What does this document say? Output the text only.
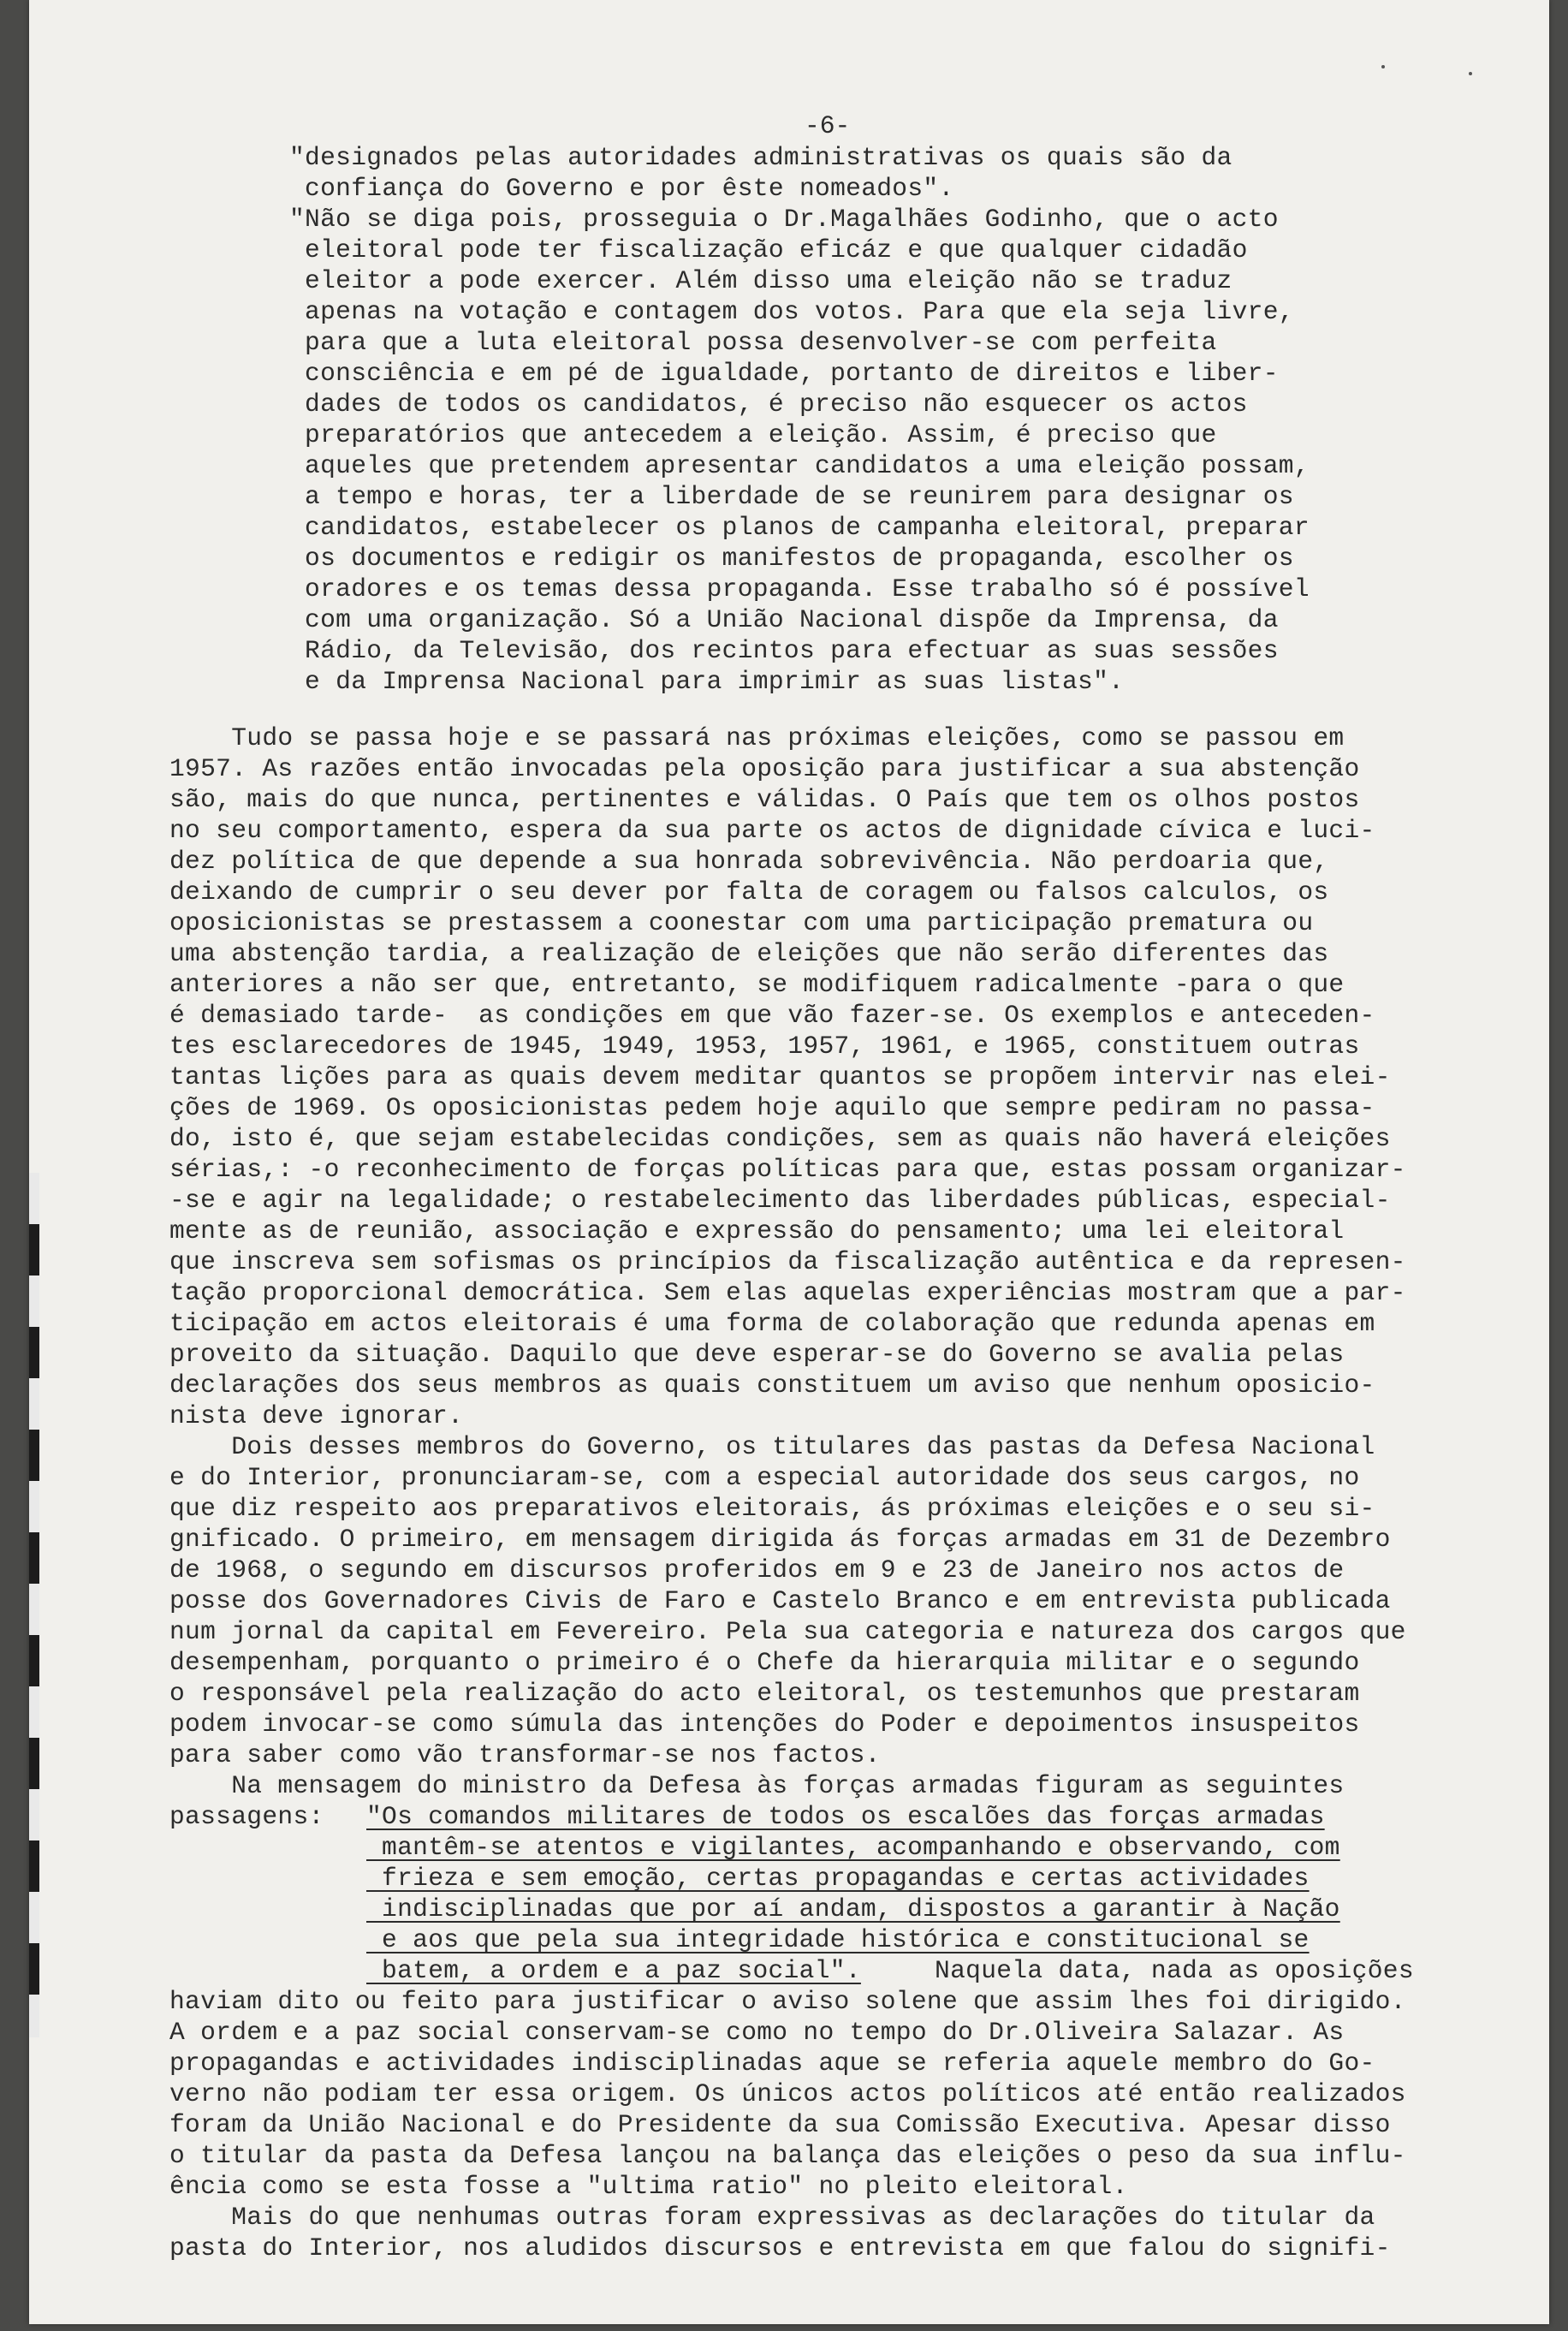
-6-
"designados pelas autoridades administrativas os quais são da
confiança do Governo e por êste nomeados".
"Não se diga pois, prosseguia o Dr.Magalhães Godinho, que o acto
eleitoral pode ter fiscalização eficáz e que qualquer cidadão
eleitor a pode exercer. Além disso uma eleição não se traduz
apenas na votação e contagem dos votos. Para que ela seja livre,
para que a luta eleitoral possa desenvolver-se com perfeita
consciência e em pé de igualdade, portanto de direitos e liber-
dades de todos os candidatos, é preciso não esquecer os actos
preparatórios que antecedem a eleição. Assim, é preciso que
aqueles que pretendem apresentar candidatos a uma eleição possam,
a tempo e horas, ter a liberdade de se reunirem para designar os
candidatos, estabelecer os planos de campanha eleitoral, preparar
os documentos e redigir os manifestos de propaganda, escolher os
oradores e os temas dessa propaganda. Esse trabalho só é possível
com uma organização. Só a União Nacional dispõe da Imprensa, da
Rádio, da Televisão, dos recintos para efectuar as suas sessões
e da Imprensa Nacional para imprimir as suas listas".
Tudo se passa hoje e se passará nas próximas eleições, como se passou em
1957. As razões então invocadas pela oposição para justificar a sua abstenção
são, mais do que nunca, pertinentes e válidas. O País que tem os olhos postos
no seu comportamento, espera da sua parte os actos de dignidade cívica e luci-
dez política de que depende a sua honrada sobrevivência. Não perdoaria que,
deixando de cumprir o seu dever por falta de coragem ou falsos calculos, os
oposicionistas se prestassem a coonestar com uma participação prematura ou
uma abstenção tardia, a realização de eleições que não serão diferentes das
anteriores a não ser que, entretanto, se modifiquem radicalmente -para o que
é demasiado tarde-  as condições em que vão fazer-se. Os exemplos e anteceden-
tes esclarecedores de 1945, 1949, 1953, 1957, 1961, e 1965, constituem outras
tantas lições para as quais devem meditar quantos se propõem intervir nas elei-
ções de 1969. Os oposicionistas pedem hoje aquilo que sempre pediram no passa-
do, isto é, que sejam estabelecidas condições, sem as quais não haverá eleições
sérias,: -o reconhecimento de forças políticas para que, estas possam organizar-
-se e agir na legalidade; o restabelecimento das liberdades públicas, especial-
mente as de reunião, associação e expressão do pensamento; uma lei eleitoral
que inscreva sem sofismas os princípios da fiscalização autêntica e da represen-
tação proporcional democrática. Sem elas aquelas experiências mostram que a par-
ticipação em actos eleitorais é uma forma de colaboração que redunda apenas em
proveito da situação. Daquilo que deve esperar-se do Governo se avalia pelas
declarações dos seus membros as quais constituem um aviso que nenhum oposicio-
nista deve ignorar.
Dois desses membros do Governo, os titulares das pastas da Defesa Nacional
e do Interior, pronunciaram-se, com a especial autoridade dos seus cargos, no
que diz respeito aos preparativos eleitorais, ás próximas eleições e o seu si-
gnificado. O primeiro, em mensagem dirigida ás forças armadas em 31 de Dezembro
de 1968, o segundo em discursos proferidos em 9 e 23 de Janeiro nos actos de
posse dos Governadores Civis de Faro e Castelo Branco e em entrevista publicada
num jornal da capital em Fevereiro. Pela sua categoria e natureza dos cargos que
desempenham, porquanto o primeiro é o Chefe da hierarquia militar e o segundo
o responsável pela realização do acto eleitoral, os testemunhos que prestaram
podem invocar-se como súmula das intenções do Poder e depoimentos insuspeitos
para saber como vão transformar-se nos factos.
Na mensagem do ministro da Defesa às forças armadas figuram as seguintes
passagens: "Os comandos militares de todos os escalões das forças armadas
mantêm-se atentos e vigilantes, acompanhando e observando, com
frieza e sem emoção, certas propagandas e certas actividades
indisciplinadas que por aí andam, dispostos a garantir à Nação
e aos que pela sua integridade histórica e constitucional se
batem, a ordem e a paz social". Naquela data, nada as oposições
haviam dito ou feito para justificar o aviso solene que assim lhes foi dirigido.
A ordem e a paz social conservam-se como no tempo do Dr.Oliveira Salazar. As
propagandas e actividades indisciplinadas aque se referia aquele membro do Go-
verno não podiam ter essa origem. Os únicos actos políticos até então realizados
foram da União Nacional e do Presidente da sua Comissão Executiva. Apesar disso
o titular da pasta da Defesa lançou na balança das eleições o peso da sua influ-
ência como se esta fosse a "ultima ratio" no pleito eleitoral.
Mais do que nenhumas outras foram expressivas as declarações do titular da
pasta do Interior, nos aludidos discursos e entrevista em que falou do signifi-
